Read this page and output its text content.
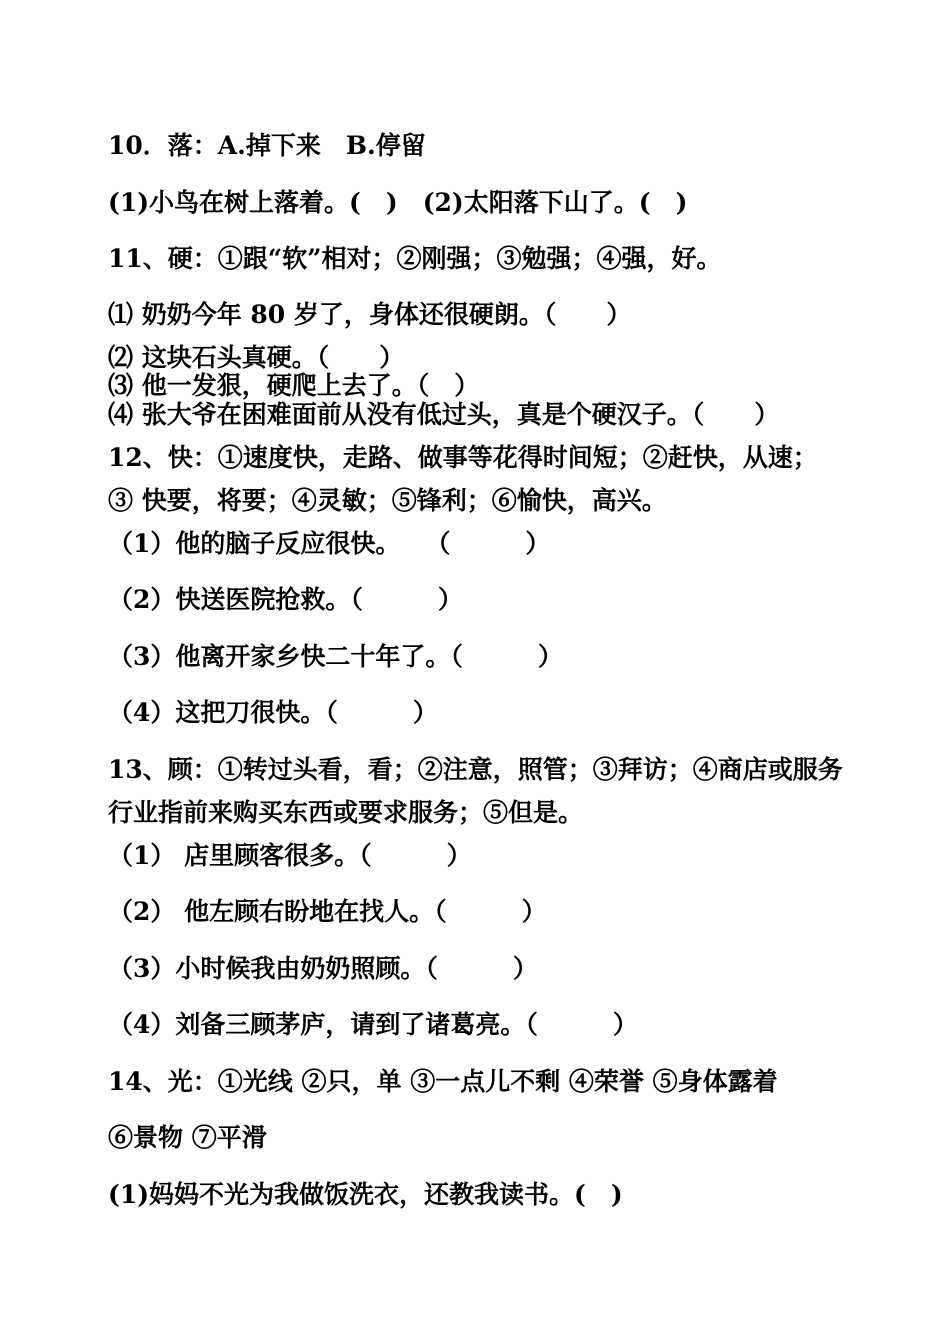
10．落：A.掉下来　B.停留
(1)小鸟在树上落着。(　)　(2)太阳落下山了。(　)
11、硬：①跟“软”相对；②刚强；③勉强；④强，好。
⑴ 奶奶今年 80 岁了，身体还很硬朗。（　　）
⑵ 这块石头真硬。（　　）
⑶ 他一发狠，硬爬上去了。（　）
⑷ 张大爷在困难面前从没有低过头，真是个硬汉子。（　　）
12、快：①速度快，走路、做事等花得时间短；②赶快，从速；
③ 快要，将要；④灵敏；⑤锋利；⑥愉快，高兴。
（1）他的脑子反应很快。　　（　　　）
（2）快送医院抢救。（　　　）
（3）他离开家乡快二十年了。（　　　）
（4）这把刀很快。（　　　）
13、顾：①转过头看，看；②注意，照管；③拜访；④商店或服务
行业指前来购买东西或要求服务；⑤但是。
（1） 店里顾客很多。（　　　）
（2） 他左顾右盼地在找人。（　　　）
（3）小时候我由奶奶照顾。（　　　）
（4）刘备三顾茅庐，请到了诸葛亮。（　　　）
14、光：①光线 ②只，单 ③一点儿不剩 ④荣誉 ⑤身体露着
⑥景物 ⑦平滑
(1)妈妈不光为我做饭洗衣，还教我读书。(　)
